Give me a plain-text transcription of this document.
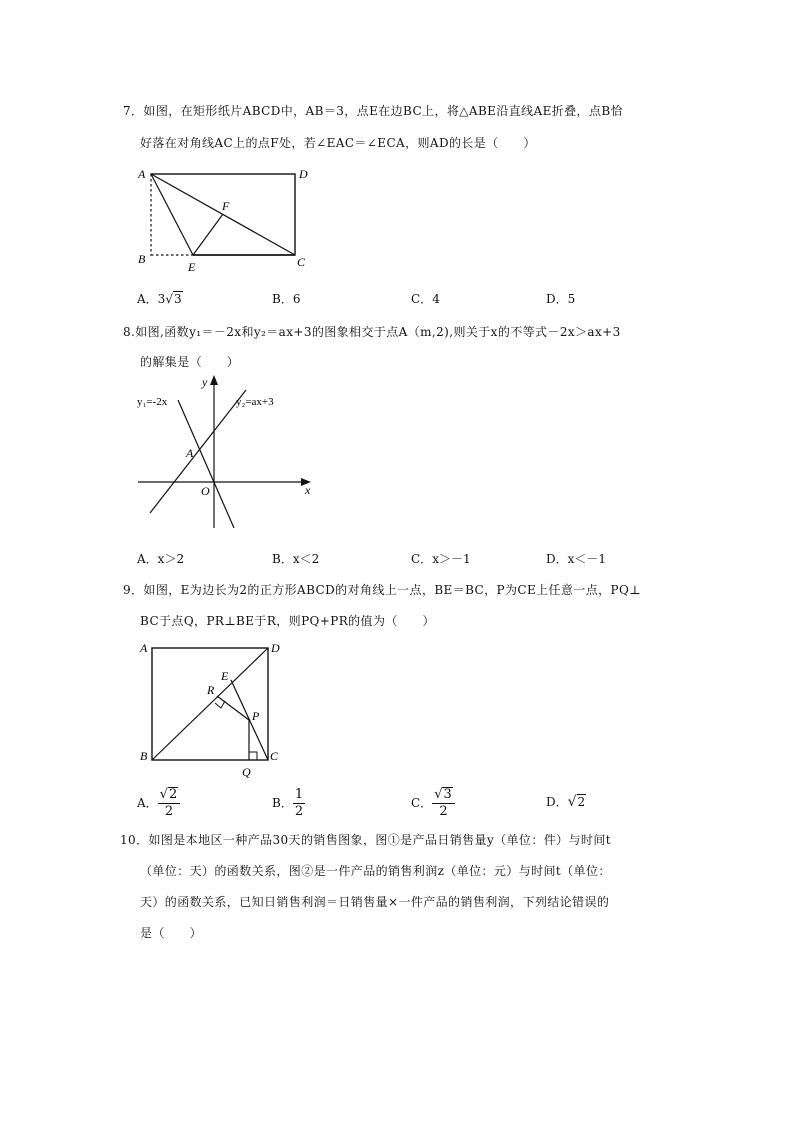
7．如图，在矩形纸片ABCD中，AB＝3，点E在边BC上，将△ABE沿直线AE折叠，点B恰
好落在对角线AC上的点F处，若∠EAC＝∠ECA，则AD的长是（　　）
A	D
F
B
E	C
A．3√3	B．6	C．4	D．5
8.如图,函数y₁＝－2x和y₂＝ax+3的图象相交于点A（m,2),则关于x的不等式－2x＞ax+3
的解集是（　　）
y
x
O
A
y₁=-2x	y₂=ax+3
A．x＞2	B．x＜2	C．x＞－1	D．x＜－1
9．如图，E为边长为2的正方形ABCD的对角线上一点，BE＝BC，P为CE上任意一点，PQ⊥
BC于点Q，PR⊥BE于R，则PQ+PR的值为（　　）
A	D
E
R
P
B	C
Q
A． $\frac{√2}{2}$	B． $\frac{1}{2}$	C． $\frac{√3}{2}$	D．√2
10．如图是本地区一种产品30天的销售图象，图①是产品日销售量y（单位：件）与时间t
（单位：天）的函数关系，图②是一件产品的销售利润z（单位：元）与时间t（单位：
天）的函数关系，已知日销售利润＝日销售量×一件产品的销售利润，下列结论错误的
是（　　）
